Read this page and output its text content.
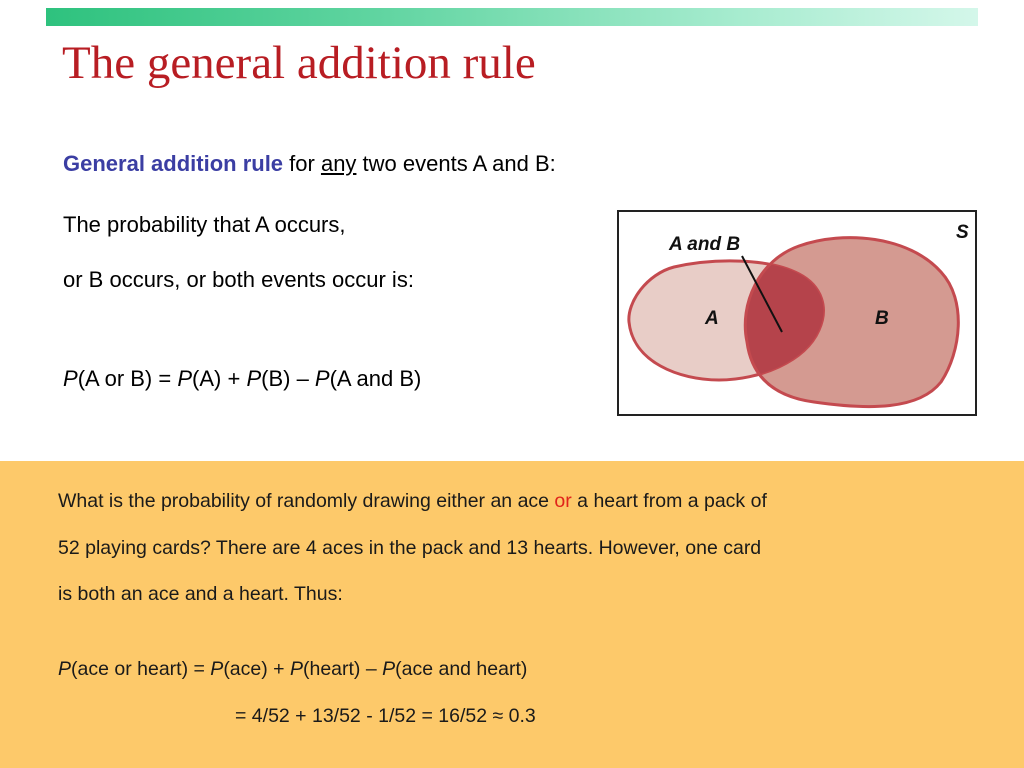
The general addition rule
General addition rule for any two events A and B:
The probability that A occurs,
or B occurs, or both events occur is:
P(A or B) = P(A) + P(B) – P(A and B)
A and B
S
A	B
What is the probability of randomly drawing either an ace or a heart from a pack of
52 playing cards? There are 4 aces in the pack and 13 hearts. However, one card
is both an ace and a heart. Thus:
P(ace or heart) = P(ace) + P(heart) – P(ace and heart)
= 4/52 + 13/52 - 1/52 = 16/52 ≈ 0.3
